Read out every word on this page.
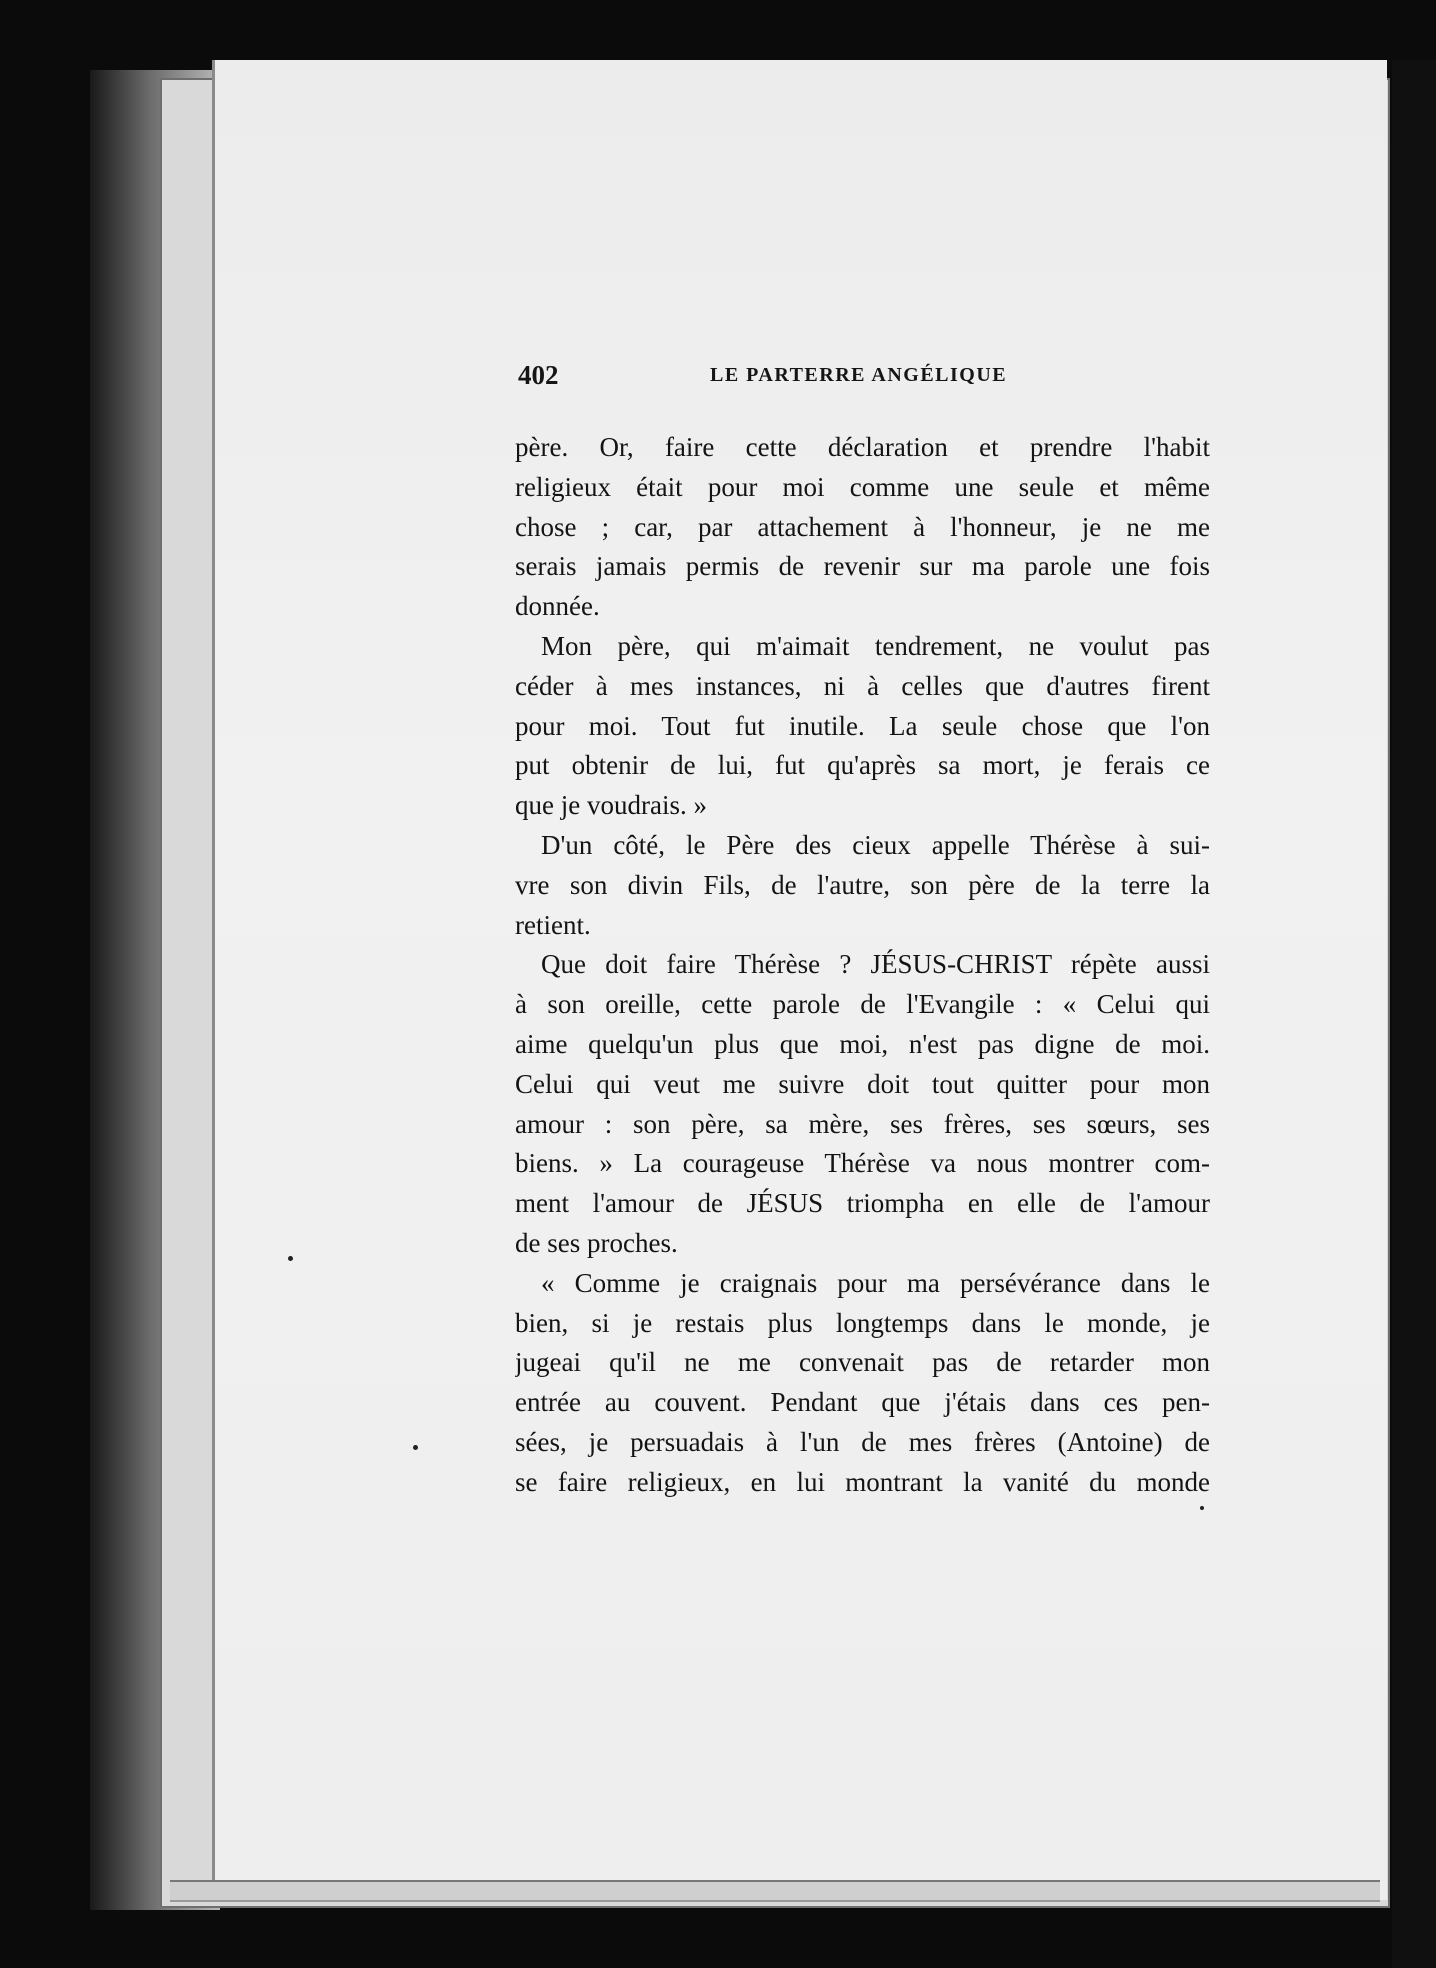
402	LE PARTERRE ANGÉLIQUE
père. Or, faire cette déclaration et prendre l'habit
religieux était pour moi comme une seule et même
chose ; car, par attachement à l'honneur, je ne me
serais jamais permis de revenir sur ma parole une fois
donnée.
Mon père, qui m'aimait tendrement, ne voulut pas
céder à mes instances, ni à celles que d'autres firent
pour moi. Tout fut inutile. La seule chose que l'on
put obtenir de lui, fut qu'après sa mort, je ferais ce
que je voudrais. »
D'un côté, le Père des cieux appelle Thérèse à sui-
vre son divin Fils, de l'autre, son père de la terre la
retient.
Que doit faire Thérèse ? JÉSUS-CHRIST répète aussi
à son oreille, cette parole de l'Evangile : « Celui qui
aime quelqu'un plus que moi, n'est pas digne de moi.
Celui qui veut me suivre doit tout quitter pour mon
amour : son père, sa mère, ses frères, ses sœurs, ses
biens. » La courageuse Thérèse va nous montrer com-
ment l'amour de JÉSUS triompha en elle de l'amour
de ses proches.
« Comme je craignais pour ma persévérance dans le
bien, si je restais plus longtemps dans le monde, je
jugeai qu'il ne me convenait pas de retarder mon
entrée au couvent. Pendant que j'étais dans ces pen-
sées, je persuadais à l'un de mes frères (Antoine) de
se faire religieux, en lui montrant la vanité du monde
